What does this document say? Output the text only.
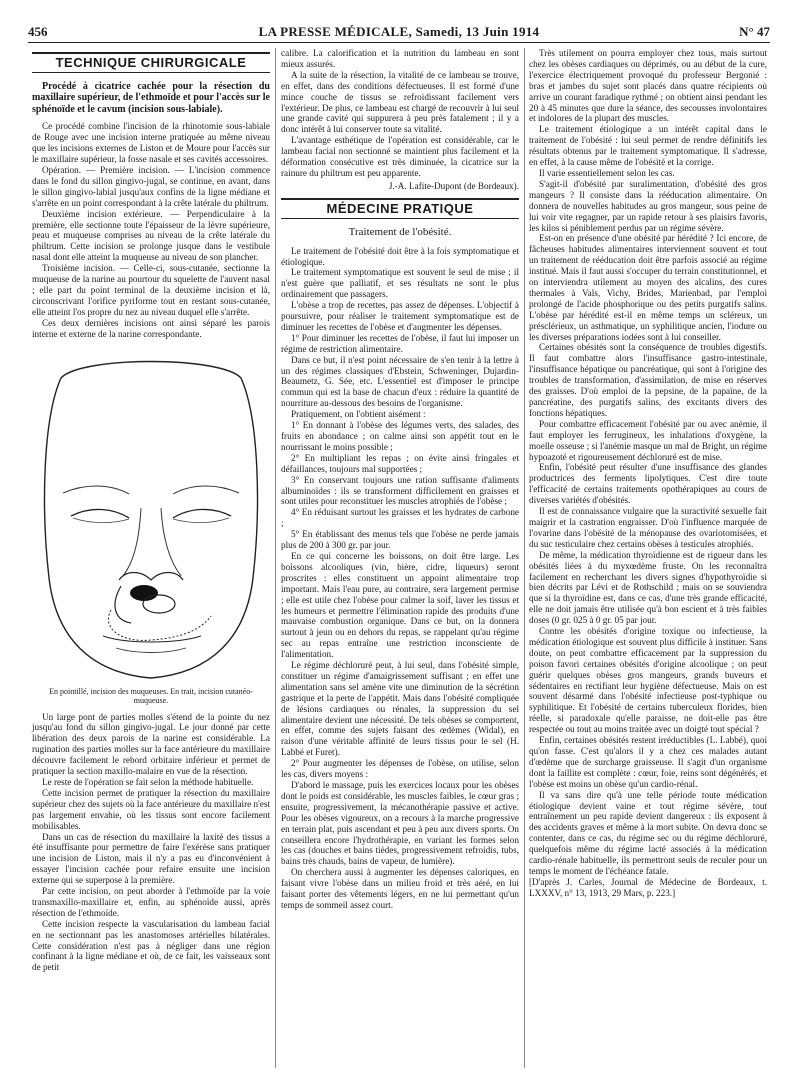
456	LA PRESSE MÉDICALE, Samedi, 13 Juin 1914	N° 47
TECHNIQUE CHIRURGICALE

Procédé à cicatrice cachée pour la résection du maxillaire supérieur, de l'ethmoïde et pour l'accès sur le sphénoïde et le cavum (incision sous-labiale).

Ce procédé combine l'incision de la rhinotomie sous-labiale de Rouge avec une incision interne pratiquée au même niveau que les incisions externes de Liston et de Moure pour l'accès sur le maxillaire supérieur, la fosse nasale et ses cavités accessoires.

Opération. — Première incision. — L'incision commence dans le fond du sillon gingivo-jugal, se continue, en avant, dans le sillon gingivo-labial jusqu'aux confins de la ligne médiane et s'arrête en un point correspondant à la crête latérale du philtrum.

Deuxième incision extérieure. — Perpendiculaire à la première, elle sectionne toute l'épaisseur de la lèvre supérieure, peau et muqueuse comprises au niveau de la crête latérale du philtrum. Cette incision se prolonge jusque dans le vestibule nasal dont elle atteint la muqueuse au niveau de son plancher.

Troisième incision. — Celle-ci, sous-cutanée, sectionne la muqueuse de la narine au pourtour du squelette de l'auvent nasal ; elle part du point terminal de la deuxième incision et là, circonscrivant l'orifice pyriforme tout en restant sous-cutanée, elle atteint l'os propre du nez au niveau duquel elle s'arrête.

Ces deux dernières incisions ont ainsi séparé les parois interne et externe de la narine correspondante.

En pointillé, incision des muqueuses. En trait, incision cutanéo-muqueuse.

Un large pont de parties molles s'étend de la pointe du nez jusqu'au fond du sillon gingivo-jugal. Le jour donné par cette libération des deux parois de la narine est considérable. La rugination des parties molles sur la face antérieure du maxillaire découvre facilement le rebord orbitaire inférieur et permet de pratiquer la section maxillo-malaire en vue de la résection.

Le reste de l'opération se fait selon la méthode habituelle.

Cette incision permet de pratiquer la résection du maxillaire supérieur chez des sujets où la face antérieure du maxillaire n'est pas largement envahie, où les tissus sont encore facilement mobilisables.

Dans un cas de résection du maxillaire la laxité des tissus a été insuffisante pour permettre de faire l'exérèse sans pratiquer une incision de Liston, mais il n'y a pas eu d'inconvénient à essayer l'incision cachée pour refaire ensuite une incision externe qui se superpose à la première.

Par cette incision, on peut aborder à l'ethmoïde par la voie transmaxillo-maxillaire et, enfin, au sphénoïde aussi, après résection de l'ethmoïde.

Cette incision respecte la vascularisation du lambeau facial en ne sectionnant pas les anastomoses artérielles bilatérales. Cette considération n'est pas à négliger dans une région confinant à la ligne médiane et où, de ce fait, les vaisseaux sont de petit

calibre. La calorification et la nutrition du lambeau en sont mieux assurés.

A la suite de la résection, la vitalité de ce lambeau se trouve, en effet, dans des conditions défectueuses. Il est formé d'une mince couche de tissus se refroidissant facilement vers l'extérieur. De plus, ce lambeau est chargé de recouvrir à lui seul une grande cavité qui suppurera à peu près fatalement ; il y a donc intérêt à lui conserver toute sa vitalité.

L'avantage esthétique de l'opération est considérable, car le lambeau facial non sectionné se maintient plus facilement et la déformation consécutive est très diminuée, la cicatrice sur la rainure du philtrum est peu apparente.

J.-A. Lafite-Dupont (de Bordeaux).

MÉDECINE PRATIQUE
Traitement de l'obésité.

Le traitement de l'obésité doit être à la fois symptomatique et étiologique.

Le traitement symptomatique est souvent le seul de mise ; il n'est guère que palliatif, et ses résultats ne sont le plus ordinairement que passagers.

L'obèse a trop de recettes, pas assez de dépenses. L'objectif à poursuivre, pour réaliser le traitement symptomatique est de diminuer les recettes de l'obèse et d'augmenter les dépenses.

1° Pour diminuer les recettes de l'obèse, il faut lui imposer un régime de restriction alimentaire.

Dans ce but, il n'est point nécessaire de s'en tenir à la lettre à un des régimes classiques d'Ebstein, Schweninger, Dujardin-Beaumetz, G. Sée, etc. L'essentiel est d'imposer le principe commun qui est la base de chacun d'eux : réduire la quantité de nourriture au-dessous des besoins de l'organisme.

Pratiquement, on l'obtient aisément :

1° En donnant à l'obèse des légumes verts, des salades, des fruits en abondance ; on calme ainsi son appétit tout en le nourrissant le moins possible ;

2° En multipliant les repas ; on évite ainsi fringales et défaillances, toujours mal supportées ;

3° En conservant toujours une ration suffisante d'aliments albuminoïdes : ils se transforment difficilement en graisses et sont utiles pour reconstituer les muscles atrophiés de l'obèse ;

4° En réduisant surtout les graisses et les hydrates de carbone ;

5° En établissant des menus tels que l'obèse ne perde jamais plus de 200 à 300 gr. par jour.

En ce qui concerne les boissons, on doit être large. Les boissons alcooliques (vin, bière, cidre, liqueurs) seront proscrites : elles constituent un appoint alimentaire trop important. Mais l'eau pure, au contraire, sera largement permise ; elle est utile chez l'obèse pour calmer la soif, laver les tissus et les humeurs et permettre l'élimination rapide des produits d'une mauvaise combustion organique. Dans ce but, on la donnera surtout à jeun ou en dehors du repas, se rappelant qu'au régime sec au repas entraîne une restriction inconsciente de l'alimentation.

Le régime déchloruré peut, à lui seul, dans l'obésité simple, constituer un régime d'amaigrissement suffisant ; en effet une alimentation sans sel amène vite une diminution de la sécrétion gastrique et la perte de l'appétit. Mais dans l'obésité compliquée de lésions cardiaques ou rénales, la suppression du sel alimentaire devient une nécessité. De tels obèses se comportent, en effet, comme des sujets faisant des œdèmes (Widal), en raison d'une véritable affinité de leurs tissus pour le sel (H. Labbé et Furet).

2° Pour augmenter les dépenses de l'obèse, on utilise, selon les cas, divers moyens :

D'abord le massage, puis les exercices locaux pour les obèses dont le poids est considérable, les muscles faibles, le cœur gras ; ensuite, progressivement, la mécanothérapie passive et active. Pour les obèses vigoureux, on a recours à la marche progressive en terrain plat, puis ascendant et peu à peu aux divers sports. On conseillera encore l'hydrothérapie, en variant les formes selon les cas (douches et bains tièdes, progressivement refroidis, tubs, bains très chauds, bains de vapeur, de lumière).

On cherchera aussi à augmenter les dépenses caloriques, en faisant vivre l'obèse dans un milieu froid et très aéré, en lui faisant porter des vêtements légers, en ne lui permettant qu'un temps de sommeil assez court.

Très utilement on pourra employer chez tous, mais surtout chez les obèses cardiaques ou déprimés, ou au début de la cure, l'exercice électriquement provoqué du professeur Bergonié : bras et jambes du sujet sont placés dans quatre récipients où arrive un courant faradique rythmé ; on obtient ainsi pendant les 20 à 45 minutes que dure la séance, des secousses involontaires et indolores de la plupart des muscles.

Le traitement étiologique a un intérêt capital dans le traitement de l'obésité : lui seul permet de rendre définitifs les résultats obtenus par le traitement symptomatique. Il s'adresse, en effet, à la cause même de l'obésité et la corrige.

Il varie essentiellement selon les cas.

S'agit-il d'obésité par suralimentation, d'obésité des gros mangeurs ? Il consiste dans la rééducation alimentaire. On donnera de nouvelles habitudes au gros mangeur, sous peine de lui voir vite regagner, par un rapide retour à ses plaisirs favoris, les kilos si péniblement perdus par un régime sévère.

Est-on en présence d'une obésité par hérédité ? Ici encore, de fâcheuses habitudes alimentaires interviennent souvent et tout un traitement de rééducation doit être parfois associé au régime institué. Mais il faut aussi s'occuper du terrain constitutionnel, et on interviendra utilement au moyen des alcalins, des cures thermales à Vals, Vichy, Brides, Marienbad, par l'emploi prolongé de l'acide phosphorique ou des petits purgatifs salins. L'obèse par hérédité est-il en même temps un scléreux, un présclérieux, un asthmatique, un syphilitique ancien, l'iodure ou les diverses préparations iodées sont à lui conseiller.

Certaines obésités sont la conséquence de troubles digestifs. Il faut combattre alors l'insuffisance gastro-intestinale, l'insuffisance hépatique ou pancréatique, qui sont à l'origine des troubles de transformation, d'assimilation, de mise en réserves des graisses. D'où emploi de la pepsine, de la papaïne, de la pancréatine, des purgatifs salins, des excitants divers des fonctions hépatiques.

Pour combattre efficacement l'obésité par ou avec anémie, il faut employer les ferrugineux, les inhalations d'oxygène, la moelle osseuse ; si l'anémie masque un mal de Bright, un régime hypoazoté et rigoureusement déchloruré est de mise.

Enfin, l'obésité peut résulter d'une insuffisance des glandes productrices des ferments lipolytiques. C'est dire toute l'efficacité de certains traitements opothérapiques au cours de diverses variétés d'obésités.

Il est de connaissance vulgaire que la suractivité sexuelle fait maigrir et la castration engraisser. D'où l'influence marquée de l'ovarine dans l'obésité de la ménopause des ovariotomisées, et du suc testiculaire chez certains obèses à testicules atrophiés.

De même, la médication thyroïdienne est de rigueur dans les obésités liées à du myxœdème fruste. On les reconnaîtra facilement en recherchant les divers signes d'hypothyroïdie si bien décrits par Lévi et de Rothschild ; mais on se souviendra que si la thyroïdine est, dans ce cas, d'une très grande efficacité, elle ne doit jamais être utilisée qu'à bon escient et à très faibles doses (0 gr. 025 à 0 gr. 05 par jour.

Contre les obésités d'origine toxique ou infectieuse, la médication étiologique est souvent plus difficile à instituer. Sans doute, on peut combattre efficacement par la suppression du poison favori certaines obésités d'origine alcoolique ; on peut guérir quelques obèses gros mangeurs, grands buveurs et sédentaires en rectifiant leur hygiène défectueuse. Mais on est souvent désarmé dans l'obésité infectieuse post-typhique ou syphilitique. Et l'obésité de certains tuberculeux florides, bien réelle, si paradoxale qu'elle paraisse, ne doit-elle pas être respectée ou tout au moins traitée avec un doigté tout spécial ?

Enfin, certaines obésités restent irréductibles (L. Labbé), quoi qu'on fasse. C'est qu'alors il y a chez ces malades autant d'œdème que de surcharge graisseuse. Il s'agit d'un organisme dont la faillite est complète : cœur, foie, reins sont dégénérés, et l'obèse est moins un obèse qu'un cardio-rénal.

Il va sans dire qu'à une telle période toute médication étiologique devient vaine et tout régime sévère, tout entraînement un peu rapide devient dangereux : ils exposent à des accidents graves et même à la mort subite. On devra donc se contenter, dans ce cas, du régime sec ou du régime déchloruré, quelquefois même du régime lacté associés à la médication cardio-rénale habituelle, ils permettront seuls de reculer pour un temps le moment de l'échéance fatale.

[D'après J. Carles, Journal de Médecine de Bordeaux, t. LXXXV, n° 13, 1913, 29 Mars, p. 223.]
